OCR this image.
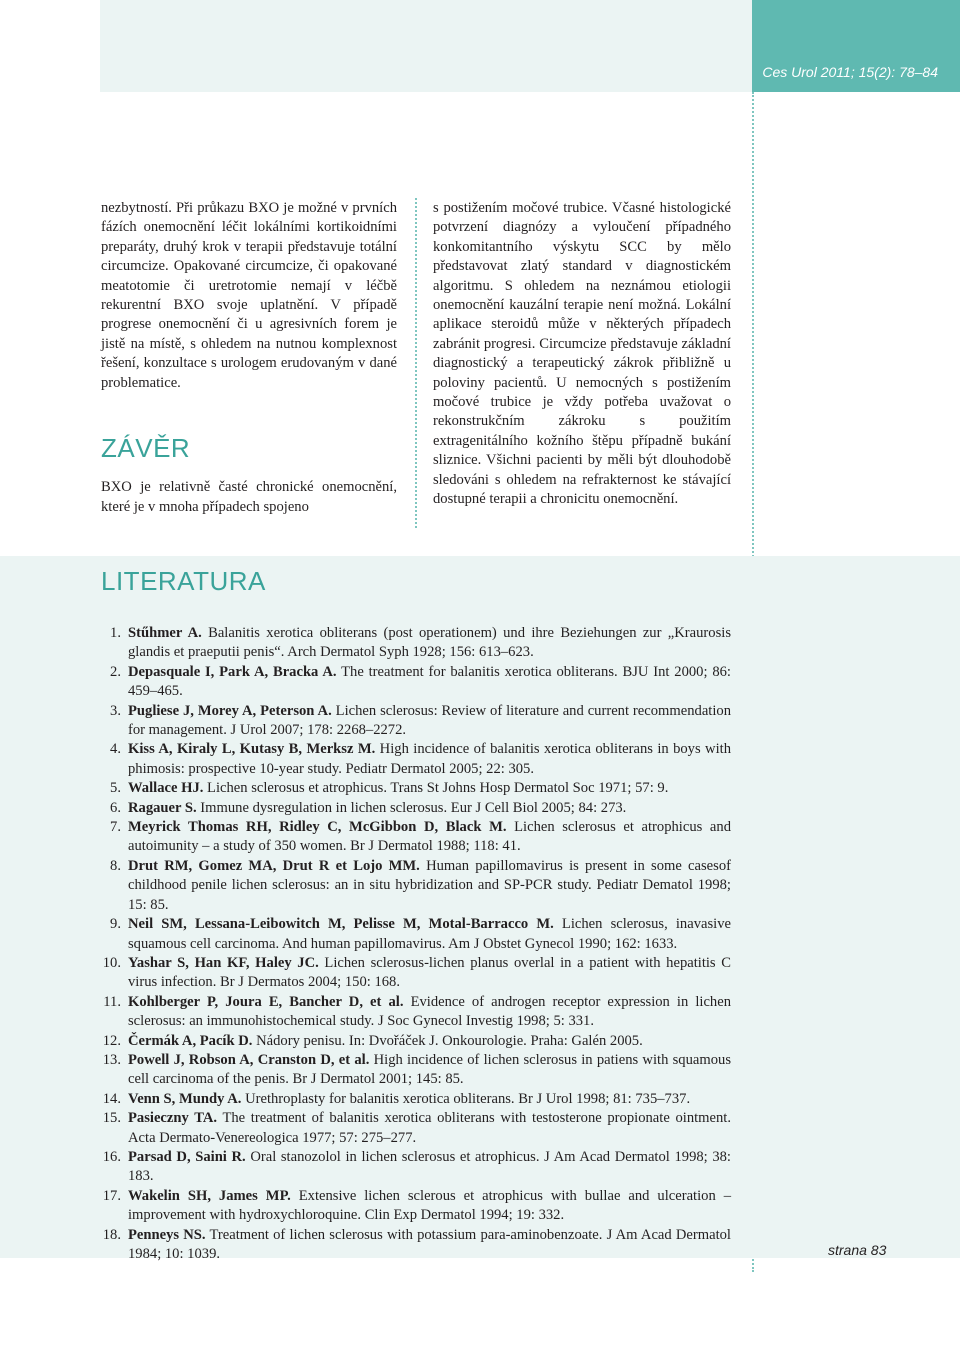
Ces Urol 2011; 15(2): 78–84

nezbytností. Při průkazu BXO je možné v prvních fázích onemocnění léčit lokálními kortikoidními preparáty, druhý krok v terapii představuje totální circumcize. Opakované circumcize, či opakované meatotomie či uretrotomie nemají v léčbě rekurentní BXO svoje uplatnění. V případě progrese onemocnění či u agresivních forem je jistě na místě, s ohledem na nutnou komplexnost řešení, konzultace s urologem erudovaným v dané problematice.

ZÁVĚR

BXO je relativně časté chronické onemocnění, které je v mnoha případech spojeno

s postižením močové trubice. Včasné histologické potvrzení diagnózy a vyloučení případného konkomitantního výskytu SCC by mělo představovat zlatý standard v diagnostickém algoritmu. S ohledem na neznámou etiologii onemocnění kauzální terapie není možná. Lokální aplikace steroidů může v některých případech zabránit progresi. Circumcize představuje základní diagnostický a terapeutický zákrok přibližně u poloviny pacientů. U nemocných s postižením močové trubice je vždy potřeba uvažovat o rekonstrukčním zákroku s použitím extragenitálního kožního štěpu případně bukání sliznice. Všichni pacienti by měli být dlouhodobě sledováni s ohledem na refrakternost ke stávající dostupné terapii a chronicitu onemocnění.

LITERATURA
1. Stűhmer A. Balanitis xerotica obliterans (post operationem) und ihre Beziehungen zur „Kraurosis glandis et praeputii penis“. Arch Dermatol Syph 1928; 156: 613–623.
2. Depasquale I, Park A, Bracka A. The treatment for balanitis xerotica obliterans. BJU Int 2000; 86: 459–465.
3. Pugliese J, Morey A, Peterson A. Lichen sclerosus: Review of literature and current recommendation for management. J Urol 2007; 178: 2268–2272.
4. Kiss A, Kiraly L, Kutasy B, Merksz M. High incidence of balanitis xerotica obliterans in boys with phimosis: prospective 10-year study. Pediatr Dermatol 2005; 22: 305.
5. Wallace HJ. Lichen sclerosus et atrophicus. Trans St Johns Hosp Dermatol Soc 1971; 57: 9.
6. Ragauer S. Immune dysregulation in lichen sclerosus. Eur J Cell Biol 2005; 84: 273.
7. Meyrick Thomas RH, Ridley C, McGibbon D, Black M. Lichen sclerosus et atrophicus and autoimunity – a study of 350 women. Br J Dermatol 1988; 118: 41.
8. Drut RM, Gomez MA, Drut R et Lojo MM. Human papillomavirus is present in some casesof childhood penile lichen sclerosus: an in situ hybridization and SP-PCR study. Pediatr Dematol 1998; 15: 85.
9. Neil SM, Lessana-Leibowitch M, Pelisse M, Motal-Barracco M. Lichen sclerosus, inavasive squamous cell carcinoma. And human papillomavirus. Am J Obstet Gynecol 1990; 162: 1633.
10. Yashar S, Han KF, Haley JC. Lichen sclerosus-lichen planus overlal in a patient with hepatitis C virus infection. Br J Dermatos 2004; 150: 168.
11. Kohlberger P, Joura E, Bancher D, et al. Evidence of androgen receptor expression in lichen sclerosus: an immunohistochemical study. J Soc Gynecol Investig 1998; 5: 331.
12. Čermák A, Pacík D. Nádory penisu. In: Dvořáček J. Onkourologie. Praha: Galén 2005.
13. Powell J, Robson A, Cranston D, et al. High incidence of lichen sclerosus in patiens with squamous cell carcinoma of the penis. Br J Dermatol 2001; 145: 85.
14. Venn S, Mundy A. Urethroplasty for balanitis xerotica obliterans. Br J Urol 1998; 81: 735–737.
15. Pasieczny TA. The treatment of balanitis xerotica obliterans with testosterone propionate ointment. Acta Dermato-Venereologica 1977; 57: 275–277.
16. Parsad D, Saini R. Oral stanozolol in lichen sclerosus et atrophicus. J Am Acad Dermatol 1998; 38: 183.
17. Wakelin SH, James MP. Extensive lichen sclerous et atrophicus with bullae and ulceration – improvement with hydroxychloroquine. Clin Exp Dermatol 1994; 19: 332.
18. Penneys NS. Treatment of lichen sclerosus with potassium para-aminobenzoate. J Am Acad Dermatol 1984; 10: 1039.	strana 83
